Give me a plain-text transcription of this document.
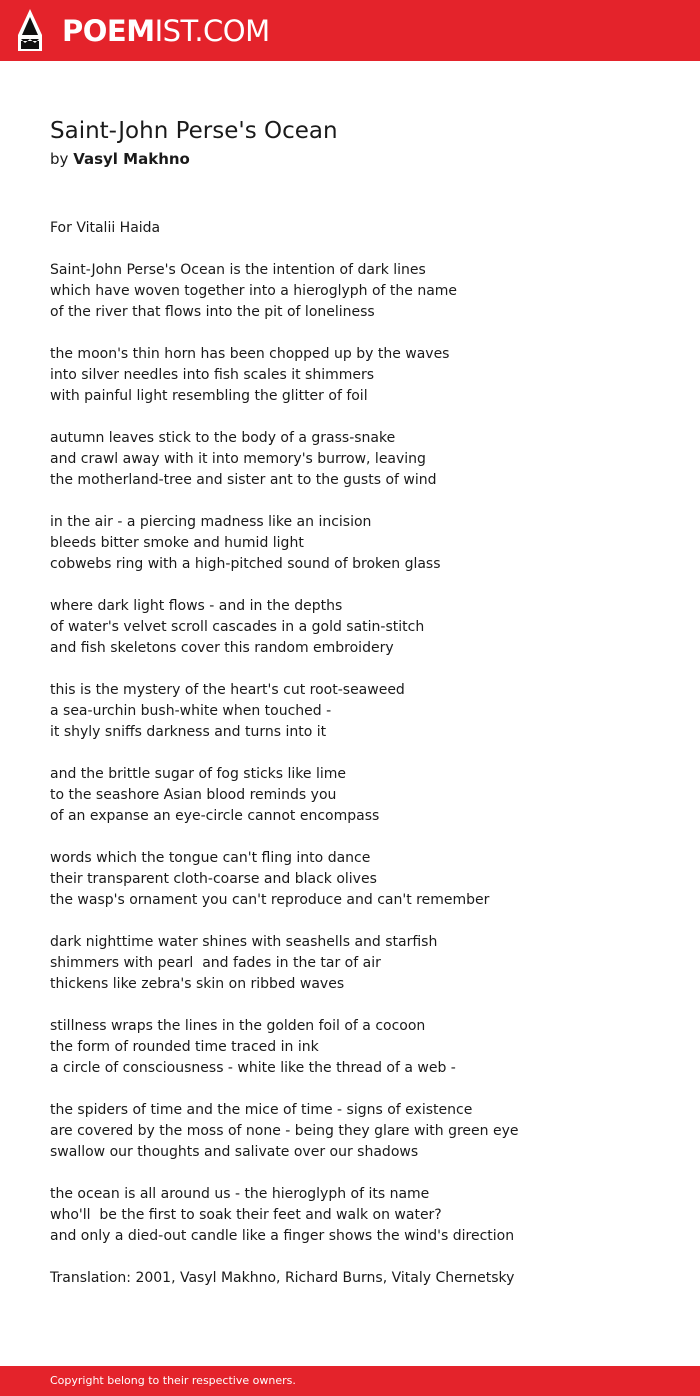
POEMIST.COM
Saint-John Perse's Ocean
by Vasyl Makhno
For Vitalii Haida
Saint-John Perse's Ocean is the intention of dark lines
which have woven together into a hieroglyph of the name
of the river that flows into the pit of loneliness
the moon's thin horn has been chopped up by the waves
into silver needles into fish scales it shimmers
with painful light resembling the glitter of foil
autumn leaves stick to the body of a grass-snake
and crawl away with it into memory's burrow, leaving
the motherland-tree and sister ant to the gusts of wind
in the air - a piercing madness like an incision
bleeds bitter smoke and humid light
cobwebs ring with a high-pitched sound of broken glass
where dark light flows - and in the depths
of water's velvet scroll cascades in a gold satin-stitch
and fish skeletons cover this random embroidery
this is the mystery of the heart's cut root-seaweed
a sea-urchin bush-white when touched -
it shyly sniffs darkness and turns into it
and the brittle sugar of fog sticks like lime
to the seashore Asian blood reminds you
of an expanse an eye-circle cannot encompass
words which the tongue can't fling into dance
their transparent cloth-coarse and black olives
the wasp's ornament you can't reproduce and can't remember
dark nighttime water shines with seashells and starfish
shimmers with pearl  and fades in the tar of air
thickens like zebra's skin on ribbed waves
stillness wraps the lines in the golden foil of a cocoon
the form of rounded time traced in ink
a circle of consciousness - white like the thread of a web -
the spiders of time and the mice of time - signs of existence
are covered by the moss of none - being they glare with green eye
swallow our thoughts and salivate over our shadows
the ocean is all around us - the hieroglyph of its name
who'll  be the first to soak their feet and walk on water?
and only a died-out candle like a finger shows the wind's direction
Translation: 2001, Vasyl Makhno, Richard Burns, Vitaly Chernetsky
Copyright belong to their respective owners.
